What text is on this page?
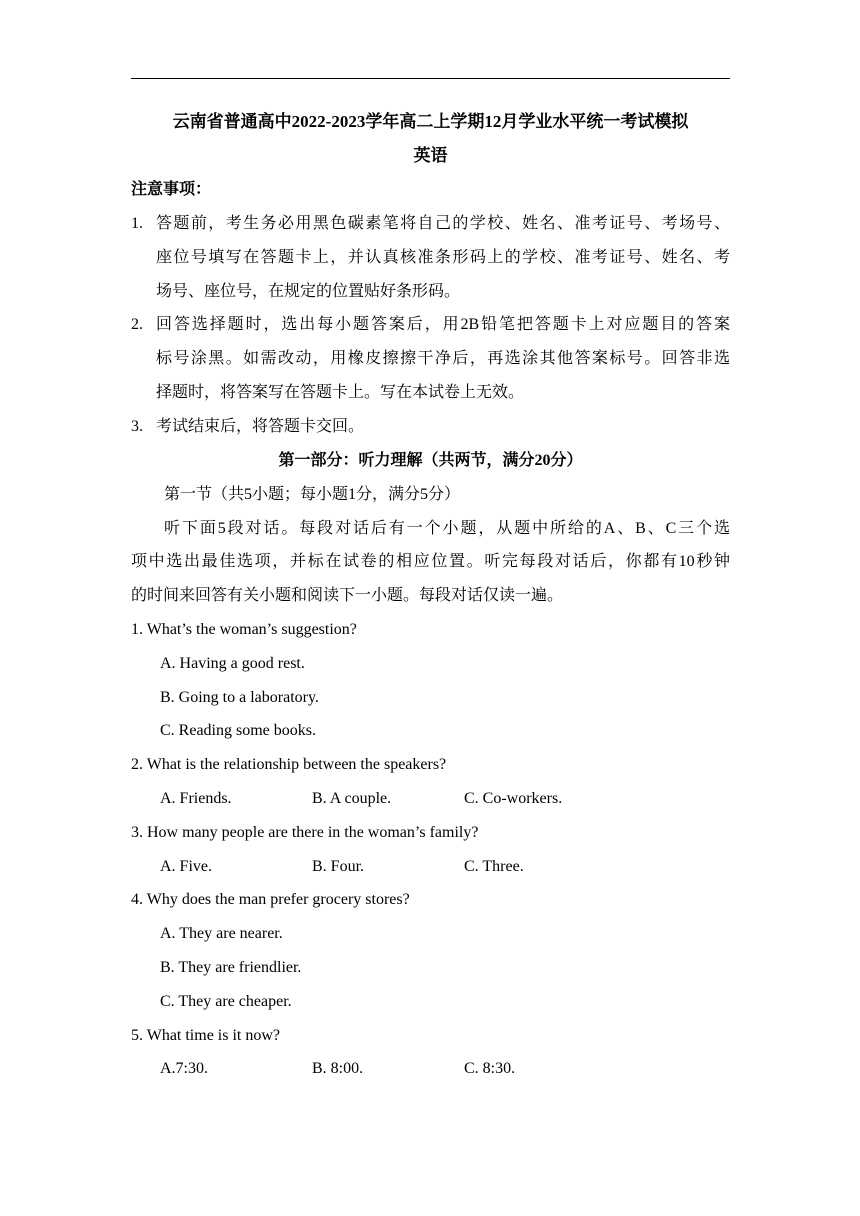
云南省普通高中2022-2023学年高二上学期12月学业水平统一考试模拟
英语
注意事项：
1. 答题前，考生务必用黑色碳素笔将自己的学校、姓名、准考证号、考场号、
座位号填写在答题卡上，并认真核准条形码上的学校、准考证号、姓名、考
场号、座位号，在规定的位置贴好条形码。
2. 回答选择题时，选出每小题答案后，用2B铅笔把答题卡上对应题目的答案
标号涂黑。如需改动，用橡皮擦擦干净后，再选涂其他答案标号。回答非选
择题时，将答案写在答题卡上。写在本试卷上无效。
3. 考试结束后，将答题卡交回。
第一部分：听力理解（共两节，满分20分）
第一节（共5小题；每小题1分，满分5分）
听下面5段对话。每段对话后有一个小题，从题中所给的A、B、C三个选
项中选出最佳选项，并标在试卷的相应位置。听完每段对话后，你都有10秒钟
的时间来回答有关小题和阅读下一小题。每段对话仅读一遍。
1. What’s the woman’s suggestion?
A. Having a good rest.
B. Going to a laboratory.
C. Reading some books.
2. What is the relationship between the speakers?
A. Friends.	B. A couple.	C. Co-workers.
3. How many people are there in the woman’s family?
A. Five.	B. Four.	C. Three.
4. Why does the man prefer grocery stores?
A. They are nearer.
B. They are friendlier.
C. They are cheaper.
5. What time is it now?
A.7:30.	B. 8:00.	C. 8:30.
